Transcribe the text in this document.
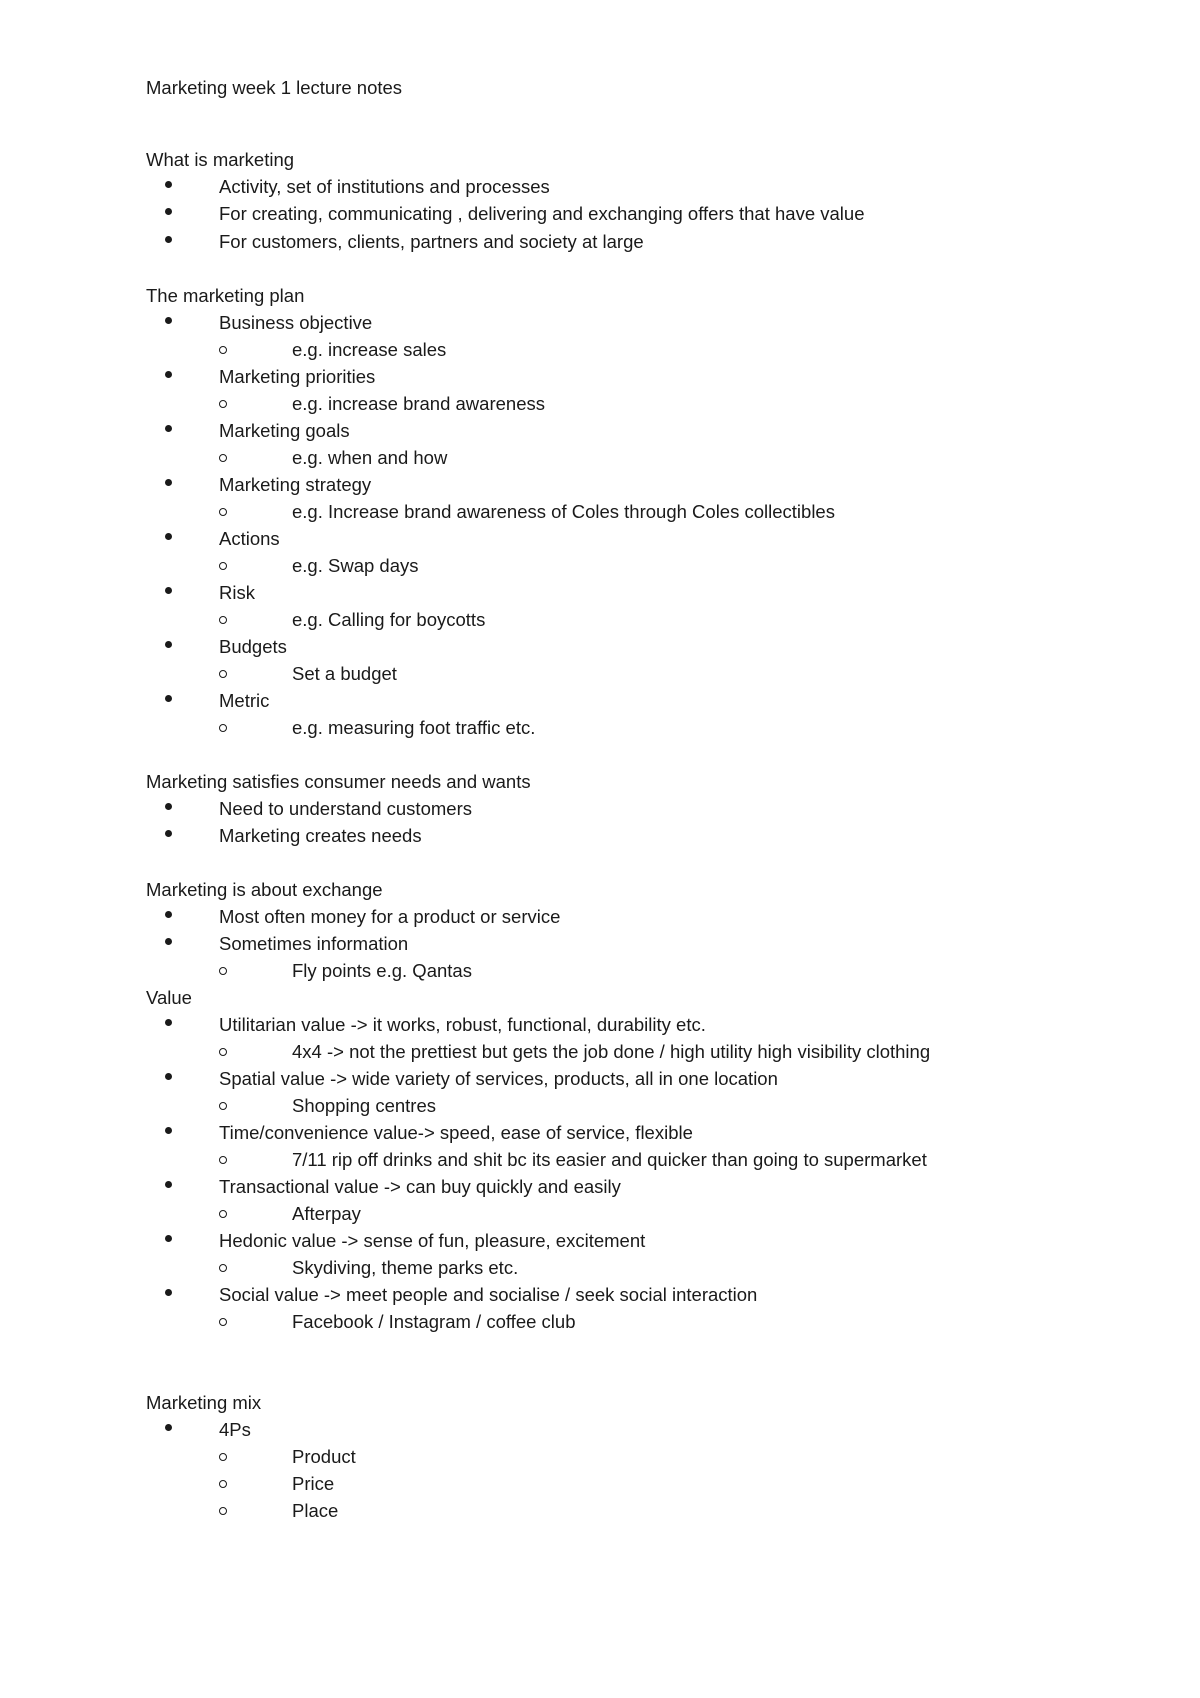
Marketing week 1 lecture notes
What is marketing
Activity, set of institutions and processes
For creating, communicating , delivering and exchanging offers that have value
For customers, clients, partners and society at large
The marketing plan
Business objective
e.g. increase sales
Marketing priorities
e.g. increase brand awareness
Marketing goals
e.g. when and how
Marketing strategy
e.g. Increase brand awareness of Coles through Coles collectibles
Actions
e.g. Swap days
Risk
e.g. Calling for boycotts
Budgets
Set a budget
Metric
e.g. measuring foot traffic etc.
Marketing satisfies consumer needs and wants
Need to understand customers
Marketing creates needs
Marketing is about exchange
Most often money for a product or service
Sometimes information
Fly points e.g. Qantas
Value
Utilitarian value -> it works, robust, functional, durability etc.
4x4 -> not the prettiest but gets the job done / high utility high visibility clothing
Spatial value -> wide variety of services, products, all in one location
Shopping centres
Time/convenience value-> speed, ease of service, flexible
7/11 rip off drinks and shit bc its easier and quicker than going to supermarket
Transactional value -> can buy quickly and easily
Afterpay
Hedonic value -> sense of fun, pleasure, excitement
Skydiving, theme parks etc.
Social value -> meet people and socialise / seek social interaction
Facebook / Instagram / coffee club
Marketing mix
4Ps
Product
Price
Place
